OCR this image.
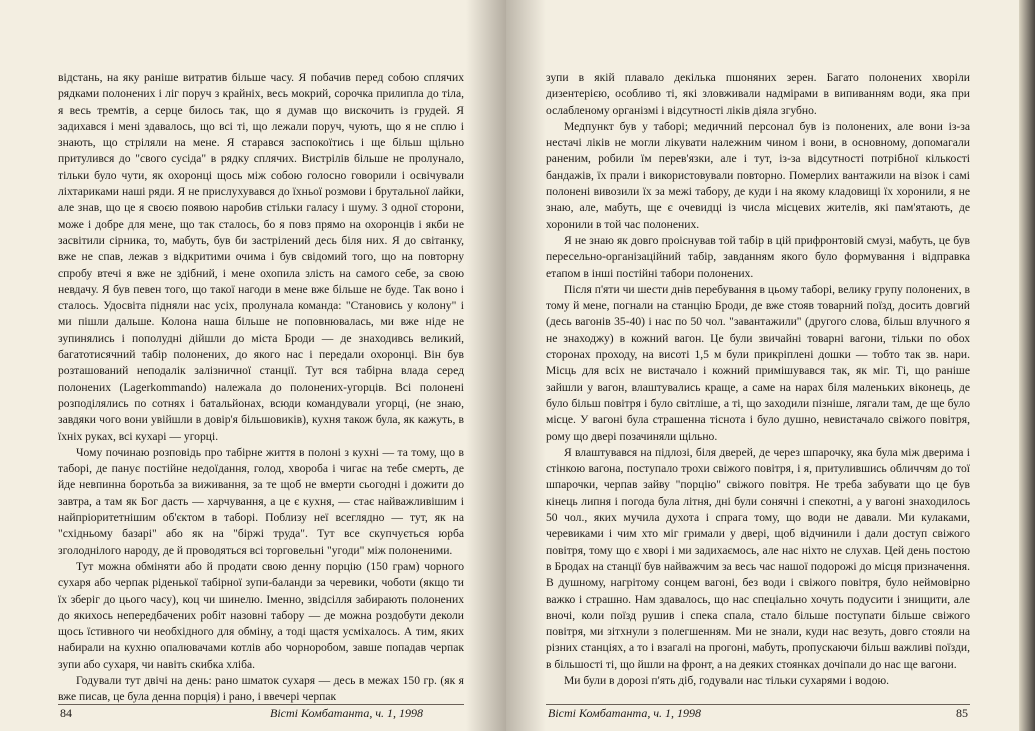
відстань, на яку раніше витратив більше часу. Я побачив перед собою сплячих рядками полонених і ліг поруч з крайніх, весь мокрий, сорочка прилипла до тіла, я весь тремтів, а серце билось так, що я думав що вискочить із грудей. Я задихався і мені здавалось, що всі ті, що лежали поруч, чують, що я не сплю і знають, що стріляли на мене. Я старався заспокоїтись і ще більш щільно притулився до "свого сусіда" в рядку сплячих. Вистрілів більше не пролунало, тільки було чути, як охоронці щось між собою голосно говорили і освічували ліхтариками наші ряди. Я не прислухувався до їхньої розмови і брутальної лайки, але знав, що це я своєю появою наробив стільки галасу і шуму. З одної сторони, може і добре для мене, що так сталось, бо я повз прямо на охоронців і якби не засвітили сірника, то, мабуть, був би застрілений десь біля них. Я до світанку, вже не спав, лежав з відкритими очима і був свідомий того, що на повторну спробу втечі я вже не здібний, і мене охопила злість на самого себе, за свою невдачу. Я був певен того, що такої нагоди в мене вже більше не буде. Так воно і сталось. Удосвіта підняли нас усіх, пролунала команда: "Становись у колону" і ми пішли дальше. Колона наша більше не поповнювалась, ми вже ніде не зупинялись і пополудні дійшли до міста Броди — де знаходивсь великий, багатотисячний табір полонених, до якого нас і передали охоронці. Він був розташований неподалік залізничної станції. Тут вся табірна влада серед полонених (Lagerkommando) належала до полонених-угорців. Всі полонені розподілялись по сотнях і батальйонах, всюди командували угорці, (не знаю, завдяки чого вони увійшли в довір'я більшовиків), кухня також була, як кажуть, в їхніх руках, всі кухарі — угорці.

Чому починаю розповідь про табірне життя в полоні з кухні — та тому, що в таборі, де панує постійне недоїдання, голод, хвороба і чигає на тебе смерть, де йде невпинна боротьба за виживання, за те щоб не вмерти сьогодні і дожити до завтра, а там як Бог дасть — харчування, а це є кухня, — стає найважливішим і найпріоритетнішим об'єктом в таборі. Поблизу неї всеглядно — тут, як на "східньому базарі" або як на "біржі труда". Тут все скупчується юрба зголоднілого народу, де й проводяться всі торговельні "угоди" між полоненими.

Тут можна обміняти або й продати свою денну порцію (150 грам) чорного сухаря або черпак ріденької табірної зупи-баланди за черевики, чоботи (якщо ти їх зберіг до цього часу), коц чи шинелю. Іменно, звідсілля забирають полонених до якихось непередбачених робіт назовні табору — де можна роздобути деколи щось їстивного чи необхідного для обміну, а тоді щастя усміхалось. А тим, яких набирали на кухню опалювачами котлів або чорноробом, завше попадав черпак зупи або сухаря, чи навіть скибка хліба.

Годували тут двічі на день: рано шматок сухаря — десь в межах 150 гр. (як я вже писав, це була денна порція) і рано, і ввечері черпак

84	Вісті Комбатанта, ч. 1, 1998

зупи в якій плавало декілька пшоняних зерен. Багато полонених хворіли дизентерією, особливо ті, які зловживали надмірами в випиванням води, яка при ослабленому організмі і відсутності ліків діяла згубно.

Медпункт був у таборі; медичний персонал був із полонених, але вони із-за нестачі ліків не могли лікувати належним чином і вони, в основному, допомагали раненим, робили їм перев'язки, але і тут, із-за відсутності потрібної кількості бандажів, їх прали і використовували повторно. Померлих вантажили на візок і самі полонені вивозили їх за межі табору, де куди і на якому кладовищі їх хоронили, я не знаю, але, мабуть, ще є очевидці із числа місцевих жителів, які пам'ятають, де хоронили в той час полонених.

Я не знаю як довго проіснував той табір в цій прифронтовій смузі, мабуть, це був пересельно-організаційний табір, завданням якого було формування і відправка етапом в інші постійні табори полонених.

Після п'яти чи шести днів перебування в цьому таборі, велику групу полонених, в тому й мене, погнали на станцію Броди, де вже стояв товарний поїзд, досить довгий (десь вагонів 35-40) і нас по 50 чол. "завантажили" (другого слова, більш влучного я не знаходжу) в кожний вагон. Це були звичайні товарні вагони, тільки по обох сторонах проходу, на висоті 1,5 м були прикріплені дошки — тобто так зв. нари. Місць для всіх не вистачало і кожний примішувався так, як міг. Ті, що раніше зайшли у вагон, влаштувались краще, а саме на нарах біля маленьких віконець, де було більш повітря і було світліше, а ті, що заходили пізніше, лягали там, де ще було місце. У вагоні була страшенна тіснота і було душно, невистачало свіжого повітря, рому що двері позачиняли щільно.

Я влаштувався на підлозі, біля дверей, де через шпарочку, яка була між дверима і стінкою вагона, поступало трохи свіжого повітря, і я, притулившись обличчям до тої шпарочки, черпав зайву "порцію" свіжого повітря. Не треба забувати що це був кінець липня і погода була літня, дні були сонячні і спекотні, а у вагоні знаходилось 50 чол., яких мучила духота і спрага тому, що води не давали. Ми кулаками, черевиками і чим хто міг гримали у двері, щоб відчинили і дали доступ свіжого повітря, тому що є хворі і ми задихаємось, але нас ніхто не слухав. Цей день постою в Бродах на станції був найважчим за весь час нашої подорожі до місця призначення. В душному, нагрітому сонцем вагоні, без води і свіжого повітря, було неймовірно важко і страшно. Нам здавалось, що нас спеціально хочуть подусити і знищити, але вночі, коли поїзд рушив і спека спала, стало більше поступати більше свіжого повітря, ми зітхнули з полегшенням. Ми не знали, куди нас везуть, довго стояли на різних станціях, а то і взагалі на прогоні, мабуть, пропускаючи більш важливі поїзди, в більшості ті, що йшли на фронт, а на деяких стоянках дочіпали до нас ще вагони.

Ми були в дорозі п'ять діб, годували нас тільки сухарями і водою.

Вісті Комбатанта, ч. 1, 1998	85
